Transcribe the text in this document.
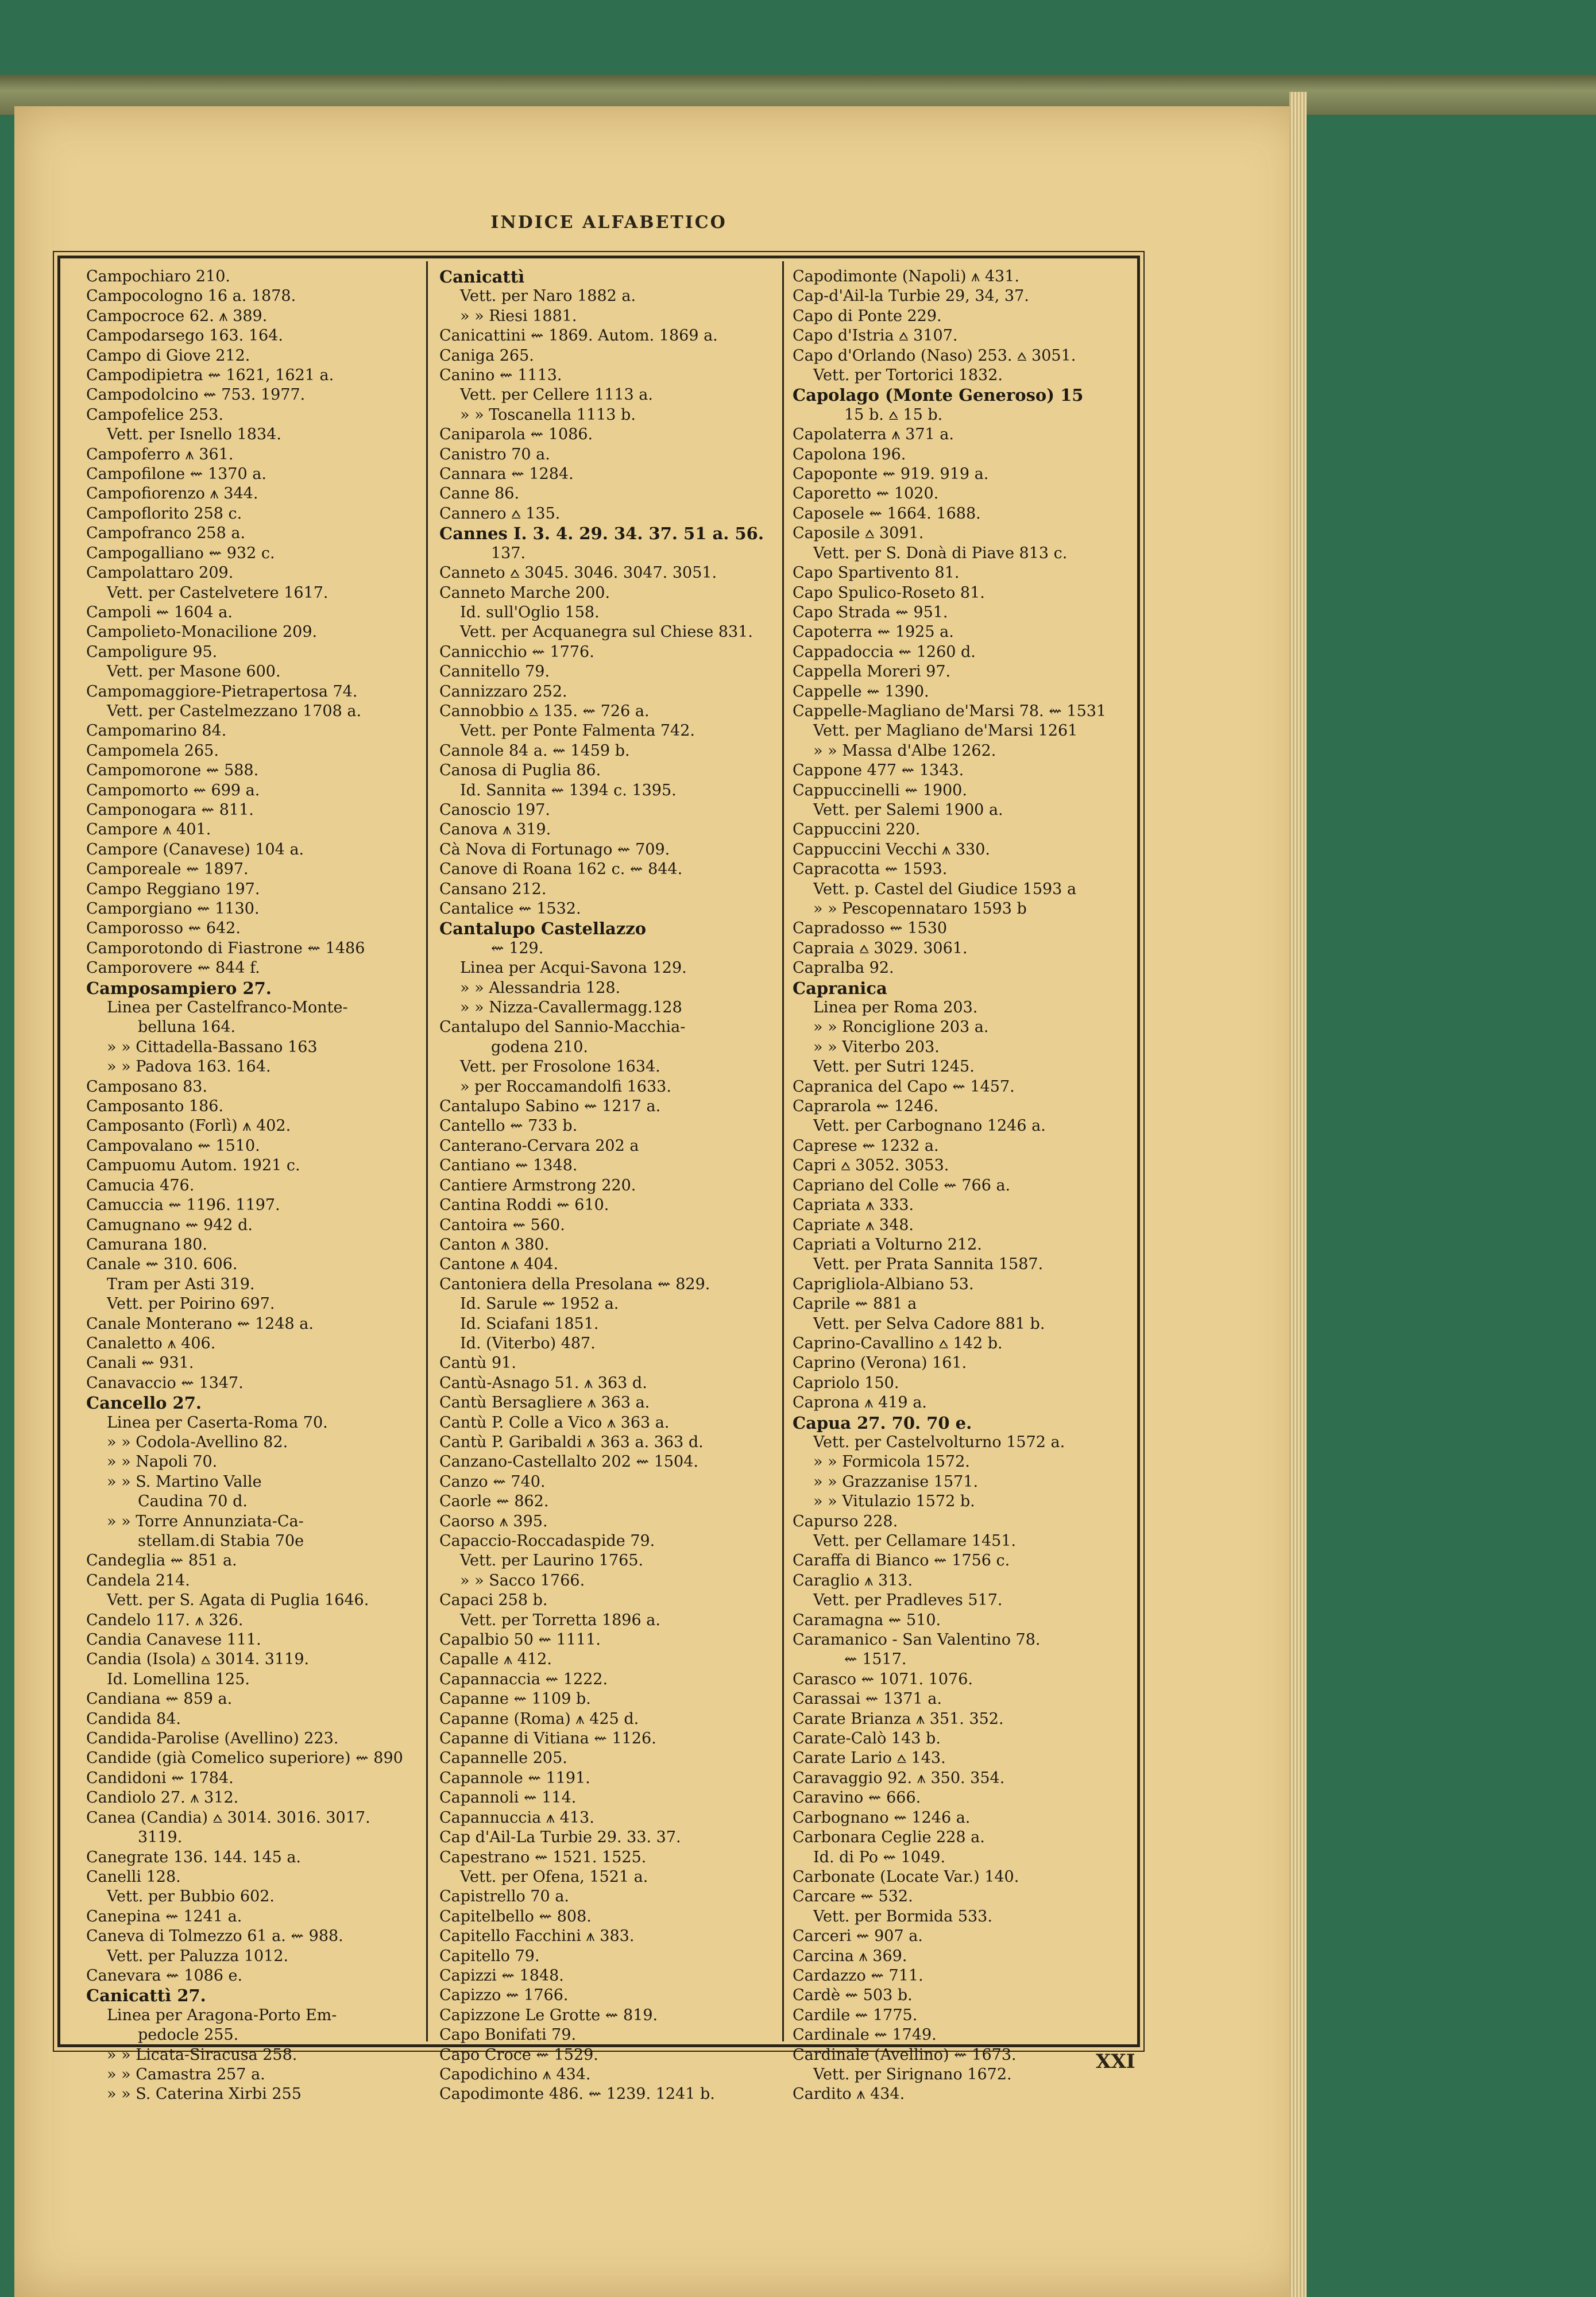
INDICE ALFABETICO
Campochiaro 210.
Campocologno 16 a. 1878.
Campocroce 62. ⩚ 389.
Campodarsego 163. 164.
Campo di Giove 212.
Campodipietra ⇜ 1621, 1621 a.
Campodolcino ⇜ 753. 1977.
Campofelice 253.
Vett. per Isnello 1834.
Campoferro ⩚ 361.
Campofilone ⇜ 1370 a.
Campofiorenzo ⩚ 344.
Campoflorito 258 c.
Campofranco 258 a.
Campogalliano ⇜ 932 c.
Campolattaro 209.
Vett. per Castelvetere 1617.
Campoli ⇜ 1604 a.
Campolieto-Monacilione 209.
Campoligure 95.
Vett. per Masone 600.
Campomaggiore-Pietrapertosa 74.
Vett. per Castelmezzano 1708 a.
Campomarino 84.
Campomela 265.
Campomorone ⇜ 588.
Campomorto ⇜ 699 a.
Camponogara ⇜ 811.
Campore ⩚ 401.
Campore (Canavese) 104 a.
Camporeale ⇜ 1897.
Campo Reggiano 197.
Camporgiano ⇜ 1130.
Camporosso ⇜ 642.
Camporotondo di Fiastrone ⇜ 1486
Camporovere ⇜ 844 f.
Camposampiero 27.
Linea per Castelfranco-Monte-
belluna 164.
» » Cittadella-Bassano 163
» » Padova 163. 164.
Camposano 83.
Camposanto 186.
Camposanto (Forlì) ⩚ 402.
Campovalano ⇜ 1510.
Campuomu Autom. 1921 c.
Camucia 476.
Camuccia ⇜ 1196. 1197.
Camugnano ⇜ 942 d.
Camurana 180.
Canale ⇜ 310. 606.
Tram per Asti 319.
Vett. per Poirino 697.
Canale Monterano ⇜ 1248 a.
Canaletto ⩚ 406.
Canali ⇜ 931.
Canavaccio ⇜ 1347.
Cancello 27.
Linea per Caserta-Roma 70.
» » Codola-Avellino 82.
» » Napoli 70.
» » S. Martino Valle
Caudina 70 d.
» » Torre Annunziata-Ca-
stellam.di Stabia 70e
Candeglia ⇜ 851 a.
Candela 214.
Vett. per S. Agata di Puglia 1646.
Candelo 117. ⩚ 326.
Candia Canavese 111.
Candia (Isola) ⩟ 3014. 3119.
Id. Lomellina 125.
Candiana ⇜ 859 a.
Candida 84.
Candida-Parolise (Avellino) 223.
Candide (già Comelico superiore) ⇜ 890
Candidoni ⇜ 1784.
Candiolo 27. ⩚ 312.
Canea (Candia) ⩟ 3014. 3016. 3017.
3119.
Canegrate 136. 144. 145 a.
Canelli 128.
Vett. per Bubbio 602.
Canepina ⇜ 1241 a.
Caneva di Tolmezzo 61 a. ⇜ 988.
Vett. per Paluzza 1012.
Canevara ⇜ 1086 e.
Canicattì 27.
Linea per Aragona-Porto Em-
pedocle 255.
» » Licata-Siracusa 258.
» » Camastra 257 a.
» » S. Caterina Xirbi 255
Canicattì
Vett. per Naro 1882 a.
» » Riesi 1881.
Canicattini ⇜ 1869. Autom. 1869 a.
Caniga 265.
Canino ⇜ 1113.
Vett. per Cellere 1113 a.
» » Toscanella 1113 b.
Caniparola ⇜ 1086.
Canistro 70 a.
Cannara ⇜ 1284.
Canne 86.
Cannero ⩟ 135.
Cannes I. 3. 4. 29. 34. 37. 51 a. 56.
137.
Canneto ⩟ 3045. 3046. 3047. 3051.
Canneto Marche 200.
Id. sull'Oglio 158.
Vett. per Acquanegra sul Chiese 831.
Cannicchio ⇜ 1776.
Cannitello 79.
Cannizzaro 252.
Cannobbio ⩟ 135. ⇜ 726 a.
Vett. per Ponte Falmenta 742.
Cannole 84 a. ⇜ 1459 b.
Canosa di Puglia 86.
Id. Sannita ⇜ 1394 c. 1395.
Canoscio 197.
Canova ⩚ 319.
Cà Nova di Fortunago ⇜ 709.
Canove di Roana 162 c. ⇜ 844.
Cansano 212.
Cantalice ⇜ 1532.
Cantalupo Castellazzo
⇜ 129.
Linea per Acqui-Savona 129.
» » Alessandria 128.
» » Nizza-Cavallermagg.128
Cantalupo del Sannio-Macchia-
godena 210.
Vett. per Frosolone 1634.
» per Roccamandolfi 1633.
Cantalupo Sabino ⇜ 1217 a.
Cantello ⇜ 733 b.
Canterano-Cervara 202 a
Cantiano ⇜ 1348.
Cantiere Armstrong 220.
Cantina Roddi ⇜ 610.
Cantoira ⇜ 560.
Canton ⩚ 380.
Cantone ⩚ 404.
Cantoniera della Presolana ⇜ 829.
Id. Sarule ⇜ 1952 a.
Id. Sciafani 1851.
Id. (Viterbo) 487.
Cantù 91.
Cantù-Asnago 51. ⩚ 363 d.
Cantù Bersagliere ⩚ 363 a.
Cantù P. Colle a Vico ⩚ 363 a.
Cantù P. Garibaldi ⩚ 363 a. 363 d.
Canzano-Castellalto 202 ⇜ 1504.
Canzo ⇜ 740.
Caorle ⇜ 862.
Caorso ⩚ 395.
Capaccio-Roccadaspide 79.
Vett. per Laurino 1765.
» » Sacco 1766.
Capaci 258 b.
Vett. per Torretta 1896 a.
Capalbio 50 ⇜ 1111.
Capalle ⩚ 412.
Capannaccia ⇜ 1222.
Capanne ⇜ 1109 b.
Capanne (Roma) ⩚ 425 d.
Capanne di Vitiana ⇜ 1126.
Capannelle 205.
Capannole ⇜ 1191.
Capannoli ⇜ 114.
Capannuccia ⩚ 413.
Cap d'Ail-La Turbie 29. 33. 37.
Capestrano ⇜ 1521. 1525.
Vett. per Ofena, 1521 a.
Capistrello 70 a.
Capitelbello ⇜ 808.
Capitello Facchini ⩚ 383.
Capitello 79.
Capizzi ⇜ 1848.
Capizzo ⇜ 1766.
Capizzone Le Grotte ⇜ 819.
Capo Bonifati 79.
Capo Croce ⇜ 1529.
Capodichino ⩚ 434.
Capodimonte 486. ⇜ 1239. 1241 b.
Capodimonte (Napoli) ⩚ 431.
Cap-d'Ail-la Turbie 29, 34, 37.
Capo di Ponte 229.
Capo d'Istria ⩟ 3107.
Capo d'Orlando (Naso) 253. ⩟ 3051.
Vett. per Tortorici 1832.
Capolago (Monte Generoso) 15
15 b. ⩟ 15 b.
Capolaterra ⩚ 371 a.
Capolona 196.
Capoponte ⇜ 919. 919 a.
Caporetto ⇜ 1020.
Caposele ⇜ 1664. 1688.
Caposile ⩟ 3091.
Vett. per S. Donà di Piave 813 c.
Capo Spartivento 81.
Capo Spulico-Roseto 81.
Capo Strada ⇜ 951.
Capoterra ⇜ 1925 a.
Cappadoccia ⇜ 1260 d.
Cappella Moreri 97.
Cappelle ⇜ 1390.
Cappelle-Magliano de'Marsi 78. ⇜ 1531
Vett. per Magliano de'Marsi 1261
» » Massa d'Albe 1262.
Cappone 477 ⇜ 1343.
Cappuccinelli ⇜ 1900.
Vett. per Salemi 1900 a.
Cappuccini 220.
Cappuccini Vecchi ⩚ 330.
Capracotta ⇜ 1593.
Vett. p. Castel del Giudice 1593 a
» » Pescopennataro 1593 b
Capradosso ⇜ 1530
Capraia ⩟ 3029. 3061.
Capralba 92.
Capranica
Linea per Roma 203.
» » Ronciglione 203 a.
» » Viterbo 203.
Vett. per Sutri 1245.
Capranica del Capo ⇜ 1457.
Caprarola ⇜ 1246.
Vett. per Carbognano 1246 a.
Caprese ⇜ 1232 a.
Capri ⩟ 3052. 3053.
Capriano del Colle ⇜ 766 a.
Capriata ⩚ 333.
Capriate ⩚ 348.
Capriati a Volturno 212.
Vett. per Prata Sannita 1587.
Caprigliola-Albiano 53.
Caprile ⇜ 881 a
Vett. per Selva Cadore 881 b.
Caprino-Cavallino ⩟ 142 b.
Caprino (Verona) 161.
Capriolo 150.
Caprona ⩚ 419 a.
Capua 27. 70. 70 e.
Vett. per Castelvolturno 1572 a.
» » Formicola 1572.
» » Grazzanise 1571.
» » Vitulazio 1572 b.
Capurso 228.
Vett. per Cellamare 1451.
Caraffa di Bianco ⇜ 1756 c.
Caraglio ⩚ 313.
Vett. per Pradleves 517.
Caramagna ⇜ 510.
Caramanico - San Valentino 78.
⇜ 1517.
Carasco ⇜ 1071. 1076.
Carassai ⇜ 1371 a.
Carate Brianza ⩚ 351. 352.
Carate-Calò 143 b.
Carate Lario ⩟ 143.
Caravaggio 92. ⩚ 350. 354.
Caravino ⇜ 666.
Carbognano ⇜ 1246 a.
Carbonara Ceglie 228 a.
Id. di Po ⇜ 1049.
Carbonate (Locate Var.) 140.
Carcare ⇜ 532.
Vett. per Bormida 533.
Carceri ⇜ 907 a.
Carcina ⩚ 369.
Cardazzo ⇜ 711.
Cardè ⇜ 503 b.
Cardile ⇜ 1775.
Cardinale ⇜ 1749.
Cardinale (Avellino) ⇜ 1673.
Vett. per Sirignano 1672.
Cardito ⩚ 434.
XXI
